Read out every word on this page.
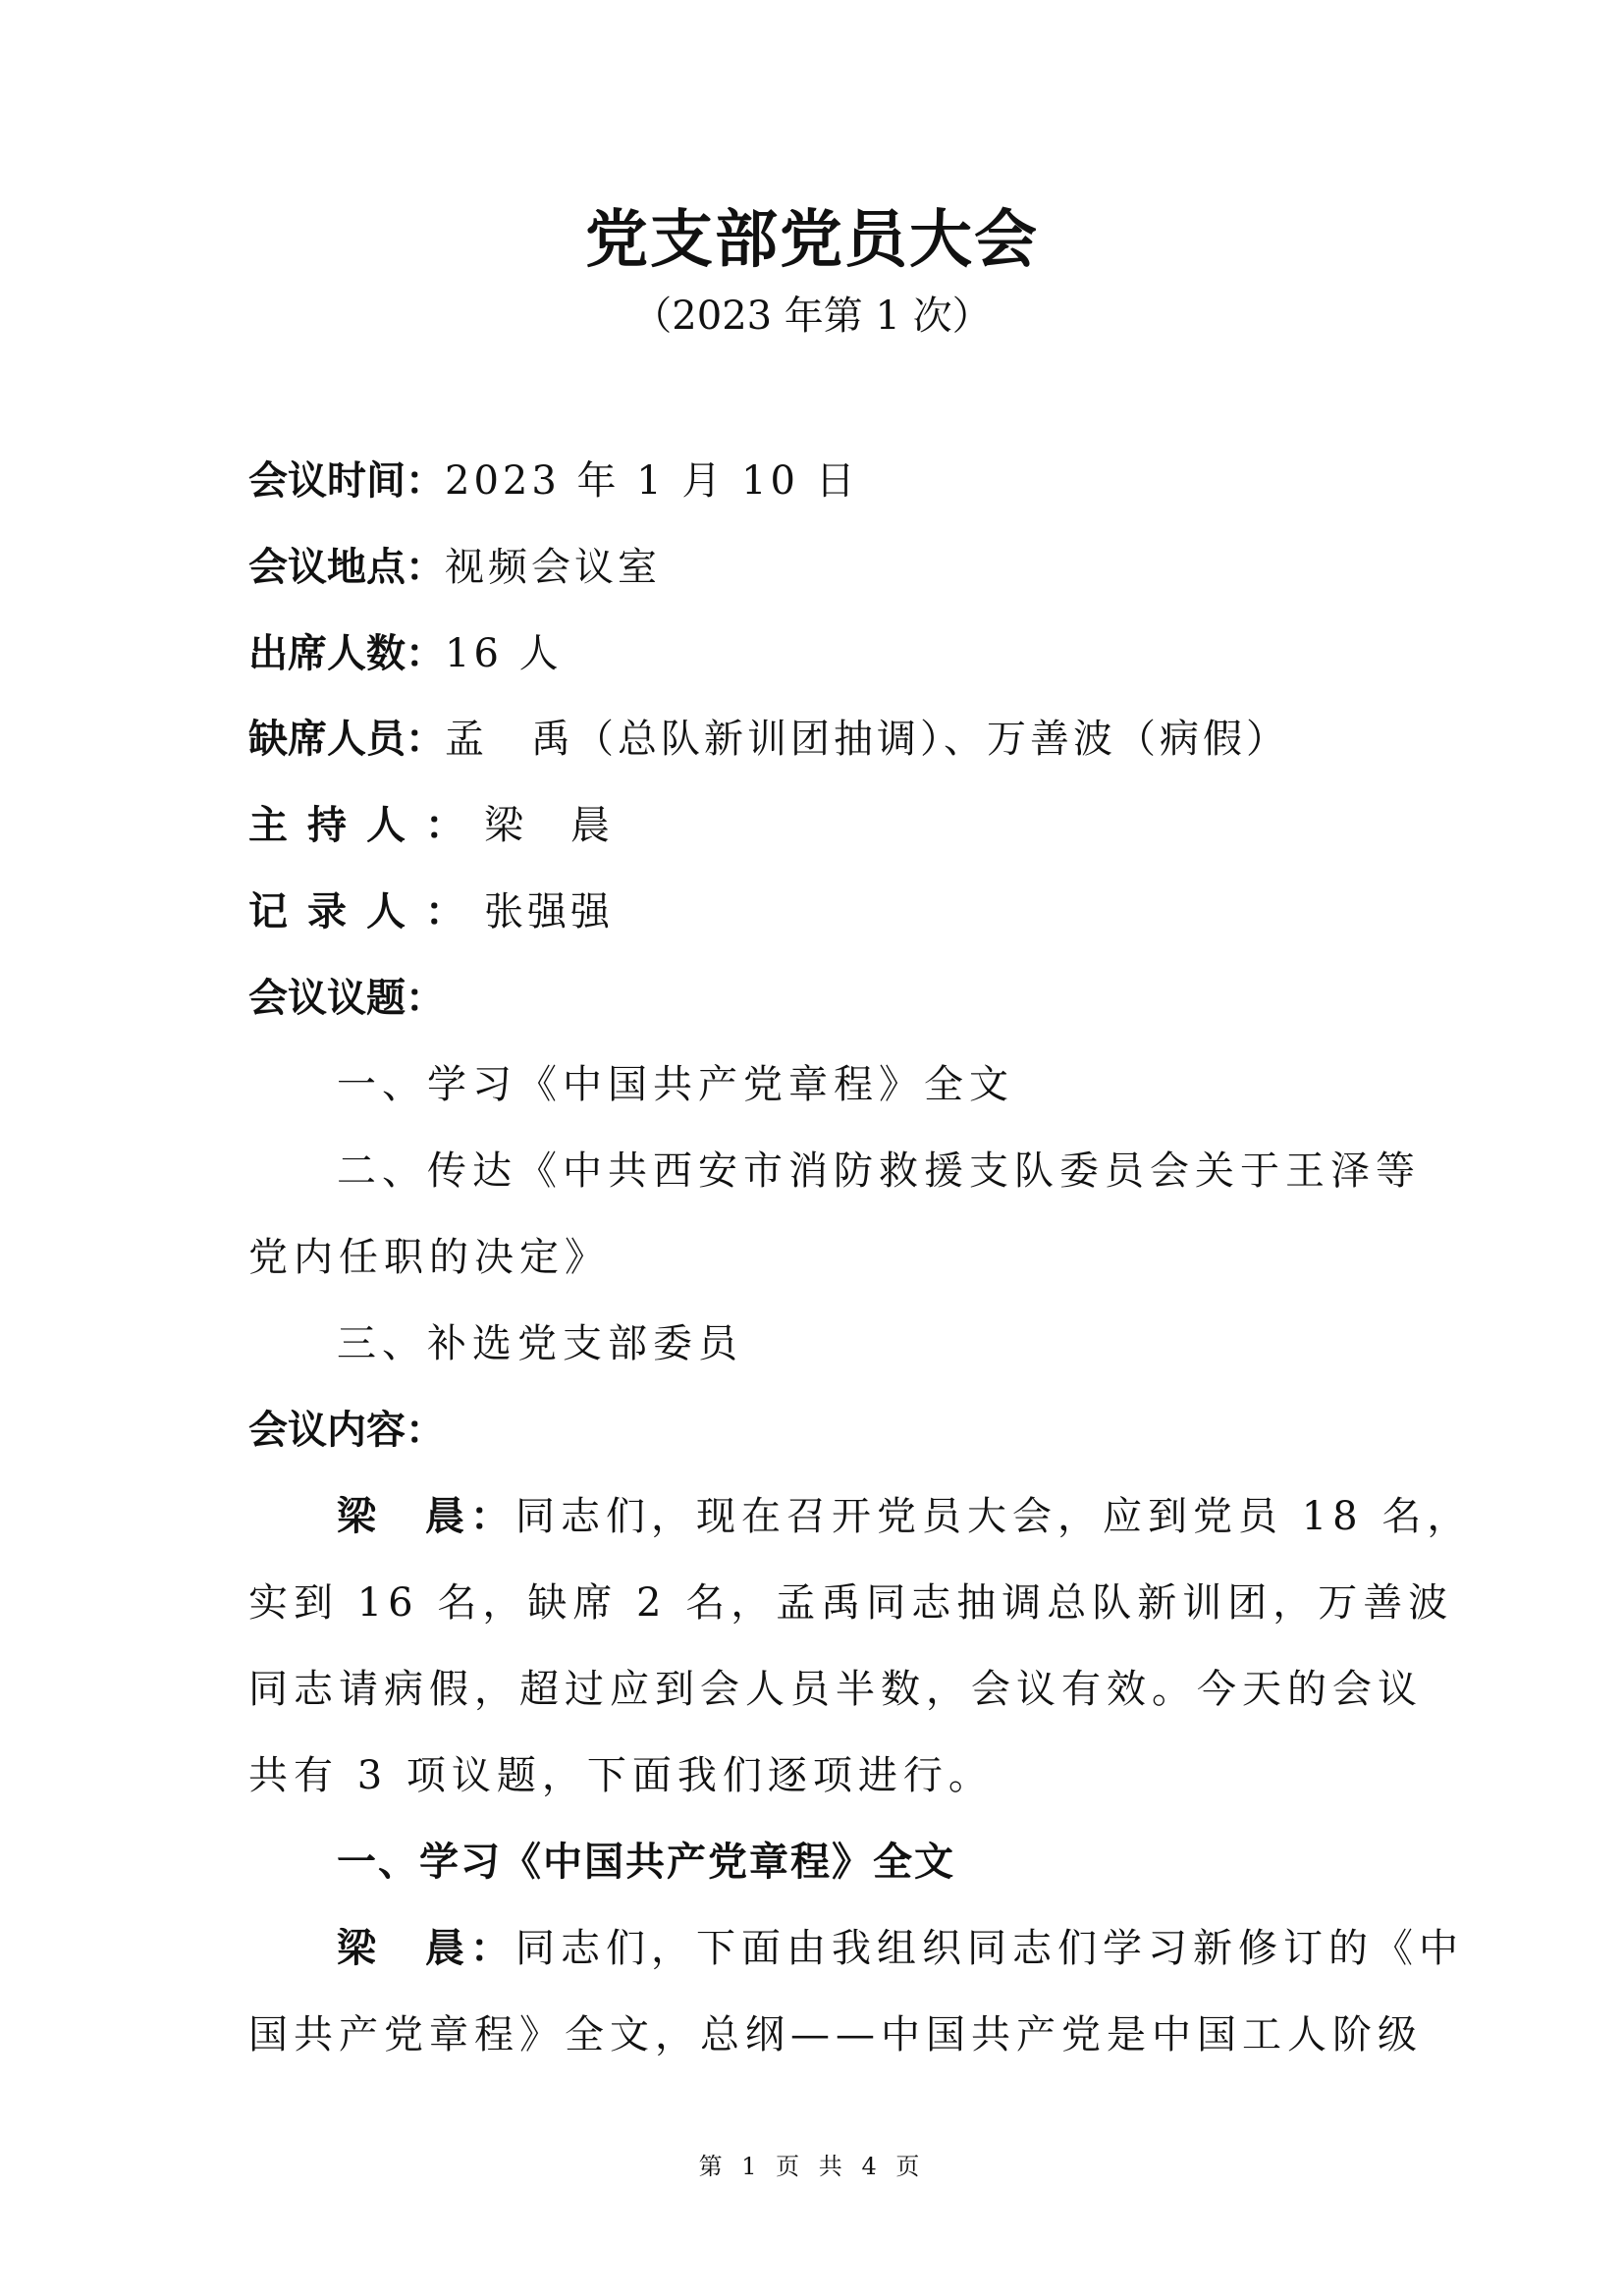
党支部党员大会
（2023 年第 1 次）
会议时间：2023 年 1 月 10 日
会议地点：视频会议室
出席人数：16 人
缺席人员：孟　禹（总队新训团抽调）、万善波（病假）
主持人：梁　晨
记录人：张强强
会议议题：
一、学习《中国共产党章程》全文
二、传达《中共西安市消防救援支队委员会关于王泽等
党内任职的决定》
三、补选党支部委员
会议内容：
梁 晨：同志们，现在召开党员大会，应到党员 18 名，
实到 16 名，缺席 2 名，孟禹同志抽调总队新训团，万善波
同志请病假，超过应到会人员半数，会议有效。今天的会议
共有 3 项议题，下面我们逐项进行。
一、学习《中国共产党章程》全文
梁 晨：同志们，下面由我组织同志们学习新修订的《中
国共产党章程》全文，总纲——中国共产党是中国工人阶级
第 1 页 共 4 页
